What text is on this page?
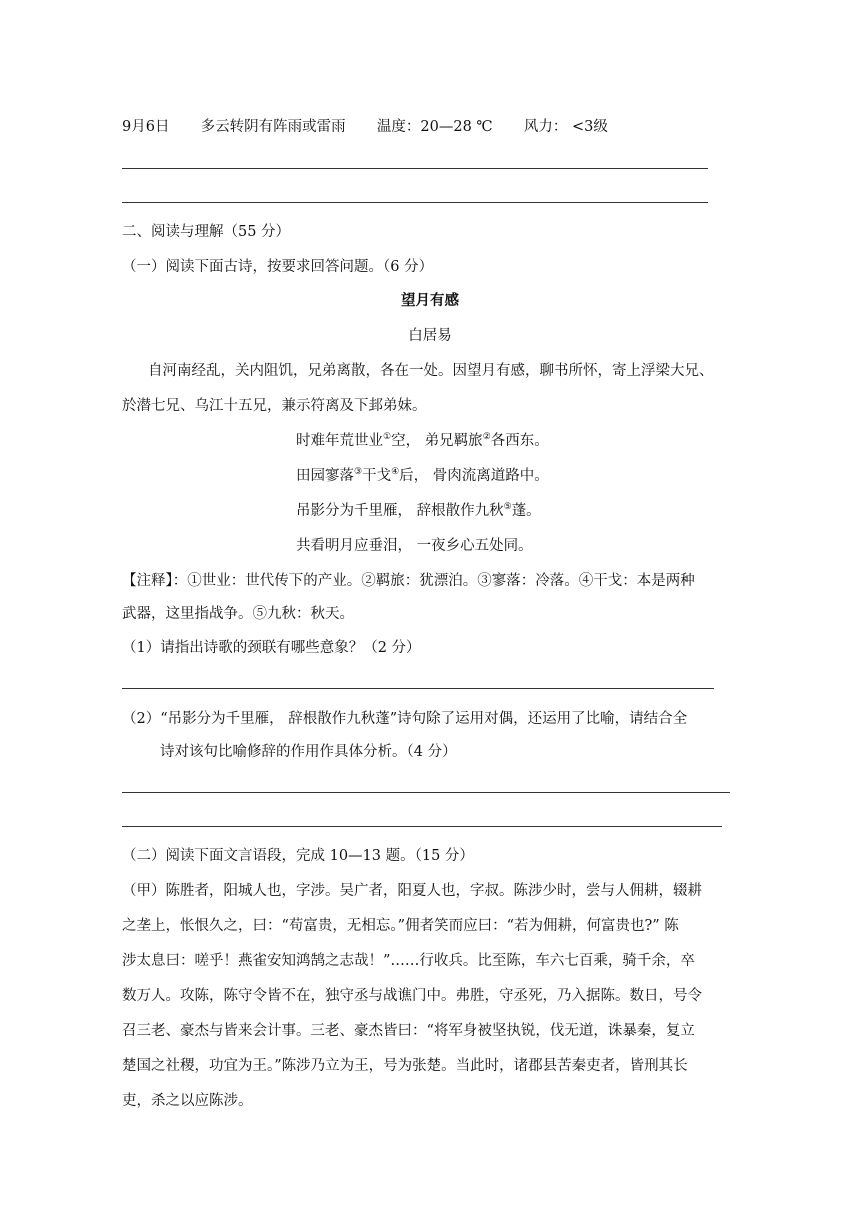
9月6日 多云转阴有阵雨或雷雨 温度：20—28 ℃ 风力： <3级
二、阅读与理解（55 分）
（一）阅读下面古诗，按要求回答问题。（6 分）
望月有感
白居易
自河南经乱，关内阻饥，兄弟离散，各在一处。因望月有感，聊书所怀，寄上浮梁大兄、
於潜七兄、乌江十五兄，兼示符离及下邽弟妹。
时难年荒世业①空， 弟兄羁旅②各西东。
田园寥落③干戈④后， 骨肉流离道路中。
吊影分为千里雁， 辞根散作九秋⑤蓬。
共看明月应垂泪， 一夜乡心五处同。
【注释】：①世业：世代传下的产业。②羁旅：犹漂泊。③寥落：冷落。④干戈：本是两种
武器，这里指战争。⑤九秋：秋天。
（1）请指出诗歌的颈联有哪些意象？（2 分）
（2）“吊影分为千里雁， 辞根散作九秋蓬”诗句除了运用对偶，还运用了比喻，请结合全
诗对该句比喻修辞的作用作具体分析。（4 分）
（二）阅读下面文言语段，完成 10—13 题。（15 分）
（甲）陈胜者，阳城人也，字涉。吴广者，阳夏人也，字叔。陈涉少时，尝与人佣耕，辍耕
之垄上，怅恨久之，曰：“苟富贵，无相忘。”佣者笑而应曰：“若为佣耕，何富贵也?” 陈
涉太息曰：嗟乎！燕雀安知鸿鹄之志哉！”……行收兵。比至陈，车六七百乘，骑千余，卒
数万人。攻陈，陈守令皆不在，独守丞与战谯门中。弗胜，守丞死，乃入据陈。数日，号令
召三老、豪杰与皆来会计事。三老、豪杰皆曰：“将军身被坚执锐，伐无道，诛暴秦，复立
楚国之社稷，功宜为王。”陈涉乃立为王，号为张楚。当此时，诸郡县苦秦吏者，皆刑其长
吏，杀之以应陈涉。
